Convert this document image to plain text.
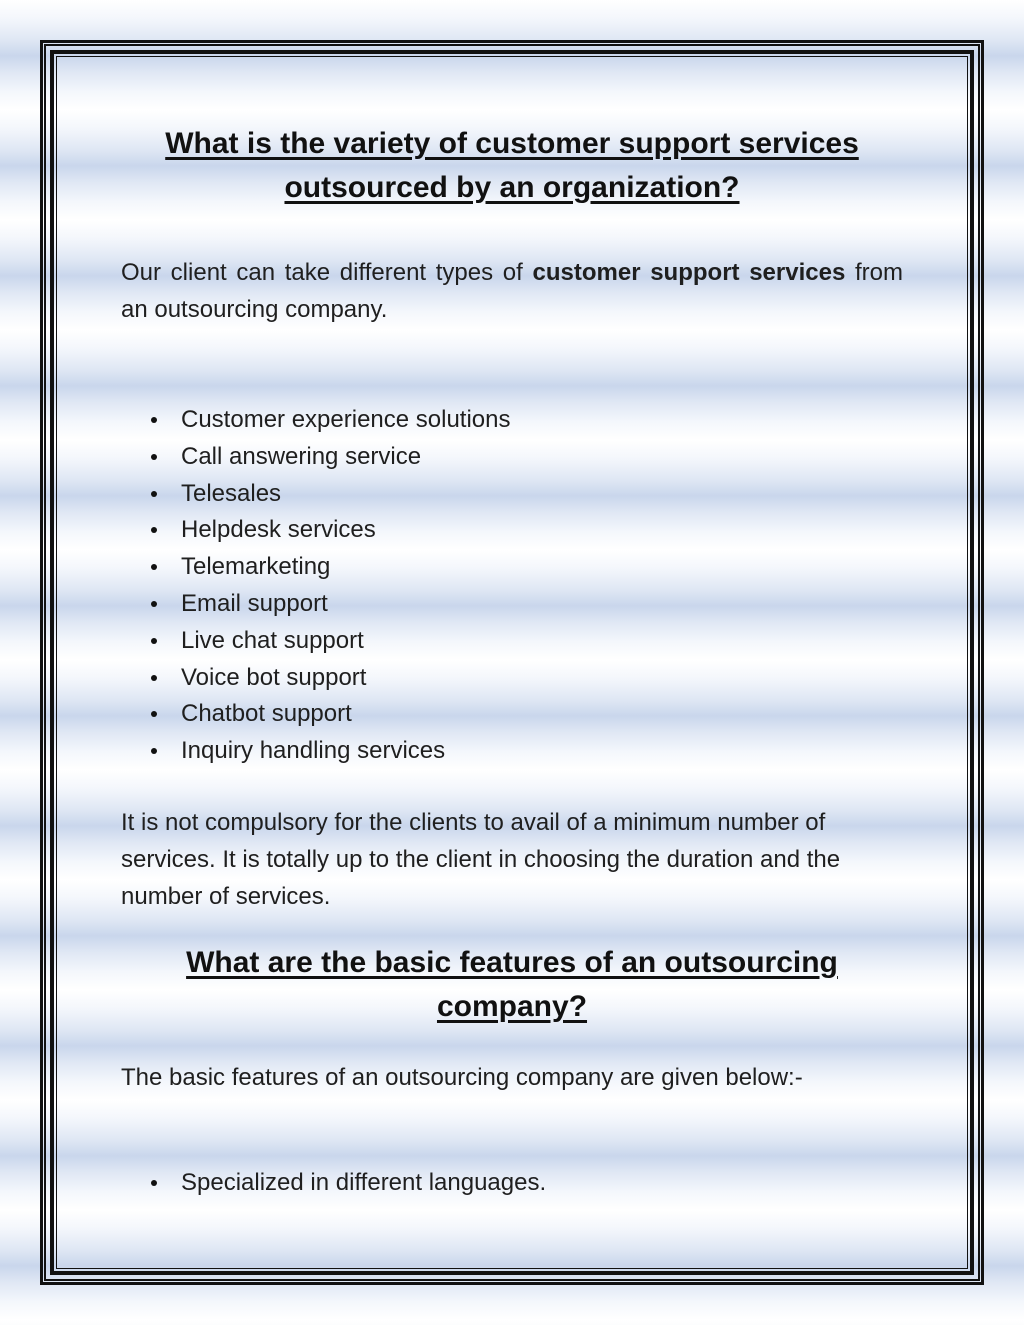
What is the variety of customer support services outsourced by an organization?

Our client can take different types of customer support services from an outsourcing company.

Customer experience solutions
Call answering service
Telesales
Helpdesk services
Telemarketing
Email support
Live chat support
Voice bot support
Chatbot support
Inquiry handling services

It is not compulsory for the clients to avail of a minimum number of services. It is totally up to the client in choosing the duration and the number of services.

What are the basic features of an outsourcing company?

The basic features of an outsourcing company are given below:-

Specialized in different languages.
